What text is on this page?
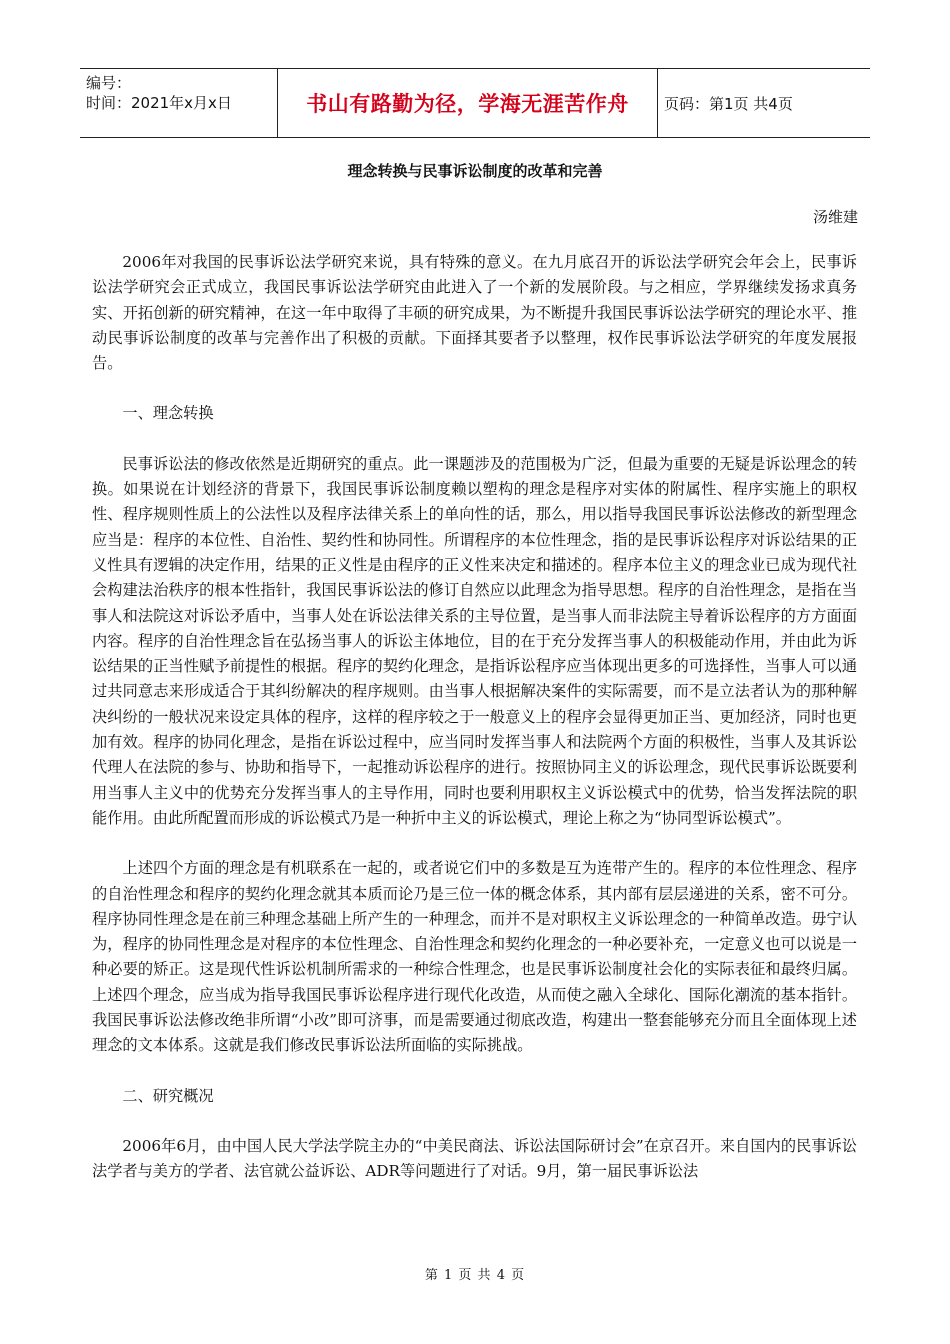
编号：
时间：2021年x月x日	书山有路勤为径，学海无涯苦作舟 页码：第1页 共4页
理念转换与民事诉讼制度的改革和完善
汤维建

2006年对我国的民事诉讼法学研究来说，具有特殊的意义。在九月底召开的诉讼法学研究会年会上，民事诉讼法学研究会正式成立，我国民事诉讼法学研究由此进入了一个新的发展阶段。与之相应，学界继续发扬求真务实、开拓创新的研究精神，在这一年中取得了丰硕的研究成果，为不断提升我国民事诉讼法学研究的理论水平、推动民事诉讼制度的改革与完善作出了积极的贡献。下面择其要者予以整理，权作民事诉讼法学研究的年度发展报告。

一、理念转换

民事诉讼法的修改依然是近期研究的重点。此一课题涉及的范围极为广泛，但最为重要的无疑是诉讼理念的转换。如果说在计划经济的背景下，我国民事诉讼制度赖以塑构的理念是程序对实体的附属性、程序实施上的职权性、程序规则性质上的公法性以及程序法律关系上的单向性的话，那么，用以指导我国民事诉讼法修改的新型理念应当是：程序的本位性、自治性、契约性和协同性。所谓程序的本位性理念，指的是民事诉讼程序对诉讼结果的正义性具有逻辑的决定作用，结果的正义性是由程序的正义性来决定和描述的。程序本位主义的理念业已成为现代社会构建法治秩序的根本性指针，我国民事诉讼法的修订自然应以此理念为指导思想。程序的自治性理念，是指在当事人和法院这对诉讼矛盾中，当事人处在诉讼法律关系的主导位置，是当事人而非法院主导着诉讼程序的方方面面内容。程序的自治性理念旨在弘扬当事人的诉讼主体地位，目的在于充分发挥当事人的积极能动作用，并由此为诉讼结果的正当性赋予前提性的根据。程序的契约化理念，是指诉讼程序应当体现出更多的可选择性，当事人可以通过共同意志来形成适合于其纠纷解决的程序规则。由当事人根据解决案件的实际需要，而不是立法者认为的那种解决纠纷的一般状况来设定具体的程序，这样的程序较之于一般意义上的程序会显得更加正当、更加经济，同时也更加有效。程序的协同化理念，是指在诉讼过程中，应当同时发挥当事人和法院两个方面的积极性，当事人及其诉讼代理人在法院的参与、协助和指导下，一起推动诉讼程序的进行。按照协同主义的诉讼理念，现代民事诉讼既要利用当事人主义中的优势充分发挥当事人的主导作用，同时也要利用职权主义诉讼模式中的优势，恰当发挥法院的职能作用。由此所配置而形成的诉讼模式乃是一种折中主义的诉讼模式，理论上称之为“协同型诉讼模式”。

上述四个方面的理念是有机联系在一起的，或者说它们中的多数是互为连带产生的。程序的本位性理念、程序的自治性理念和程序的契约化理念就其本质而论乃是三位一体的概念体系，其内部有层层递进的关系，密不可分。程序协同性理念是在前三种理念基础上所产生的一种理念，而并不是对职权主义诉讼理念的一种简单改造。毋宁认为，程序的协同性理念是对程序的本位性理念、自治性理念和契约化理念的一种必要补充，一定意义也可以说是一种必要的矫正。这是现代性诉讼机制所需求的一种综合性理念，也是民事诉讼制度社会化的实际表征和最终归属。上述四个理念，应当成为指导我国民事诉讼程序进行现代化改造，从而使之融入全球化、国际化潮流的基本指针。我国民事诉讼法修改绝非所谓“小改”即可济事，而是需要通过彻底改造，构建出一整套能够充分而且全面体现上述理念的文本体系。这就是我们修改民事诉讼法所面临的实际挑战。

二、研究概况

2006年6月，由中国人民大学法学院主办的“中美民商法、诉讼法国际研讨会”在京召开。来自国内的民事诉讼法学者与美方的学者、法官就公益诉讼、ADR等问题进行了对话。9月，第一届民事诉讼法

第 1 页 共 4 页
